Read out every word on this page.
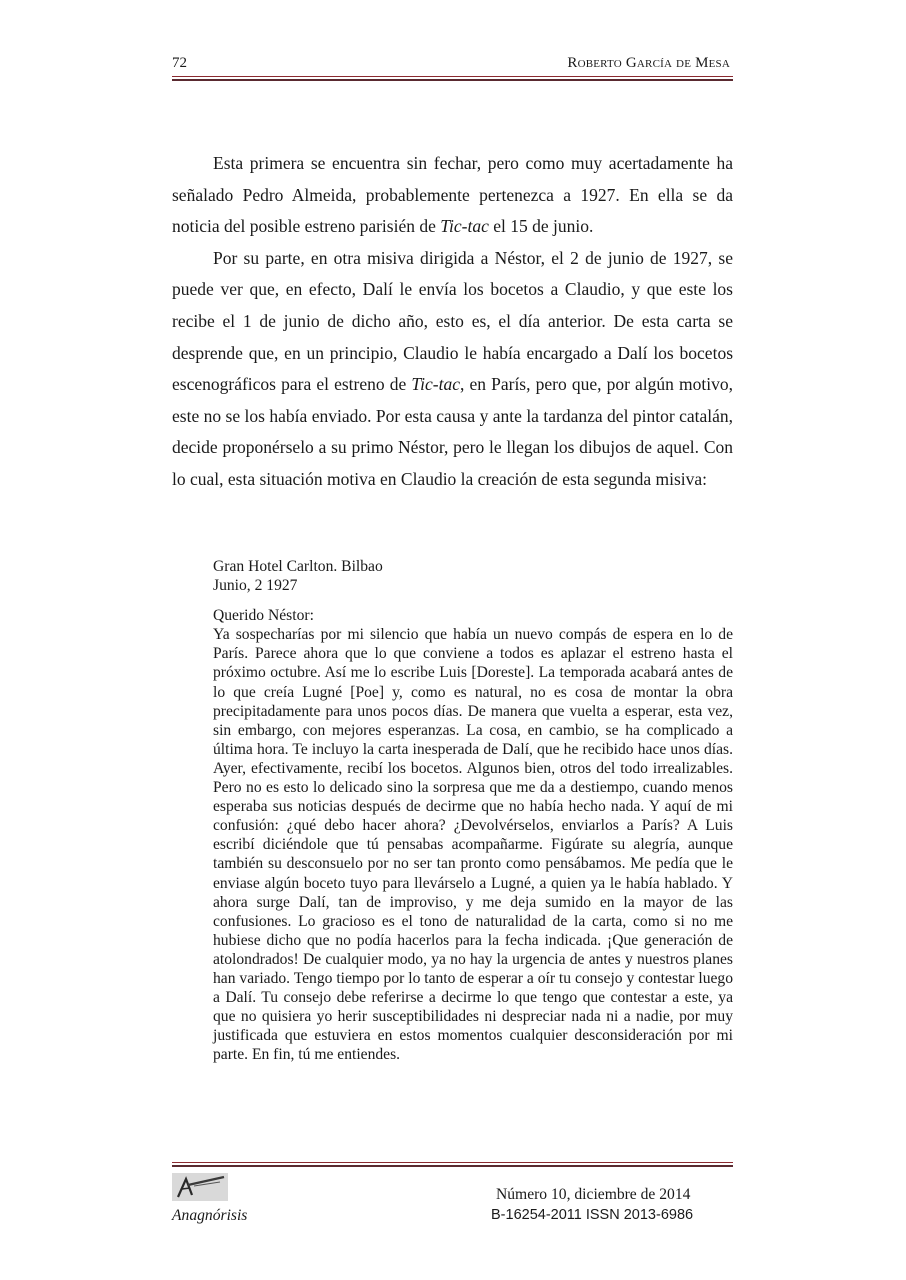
72	Roberto García de Mesa

Esta primera se encuentra sin fechar, pero como muy acertadamente ha señalado Pedro Almeida, probablemente pertenezca a 1927. En ella se da noticia del posible estreno parisién de Tic-tac el 15 de junio.

Por su parte, en otra misiva dirigida a Néstor, el 2 de junio de 1927, se puede ver que, en efecto, Dalí le envía los bocetos a Claudio, y que este los recibe el 1 de junio de dicho año, esto es, el día anterior. De esta carta se desprende que, en un principio, Claudio le había encargado a Dalí los bocetos escenográficos para el estreno de Tic-tac, en París, pero que, por algún motivo, este no se los había enviado. Por esta causa y ante la tardanza del pintor catalán, decide proponérselo a su primo Néstor, pero le llegan los dibujos de aquel. Con lo cual, esta situación motiva en Claudio la creación de esta segunda misiva:

Gran Hotel Carlton. Bilbao

Junio, 2 1927

Querido Néstor:

Ya sospecharías por mi silencio que había un nuevo compás de espera en lo de París. Parece ahora que lo que conviene a todos es aplazar el estreno hasta el próximo octubre. Así me lo escribe Luis [Doreste]. La temporada acabará antes de lo que creía Lugné [Poe] y, como es natural, no es cosa de montar la obra precipitadamente para unos pocos días. De manera que vuelta a esperar, esta vez, sin embargo, con mejores esperanzas. La cosa, en cambio, se ha complicado a última hora. Te incluyo la carta inesperada de Dalí, que he recibido hace unos días. Ayer, efectivamente, recibí los bocetos. Algunos bien, otros del todo irrealizables. Pero no es esto lo delicado sino la sorpresa que me da a destiempo, cuando menos esperaba sus noticias después de decirme que no había hecho nada. Y aquí de mi confusión: ¿qué debo hacer ahora? ¿Devolvérselos, enviarlos a París? A Luis escribí diciéndole que tú pensabas acompañarme. Figúrate su alegría, aunque también su desconsuelo por no ser tan pronto como pensábamos. Me pedía que le enviase algún boceto tuyo para llevárselo a Lugné, a quien ya le había hablado. Y ahora surge Dalí, tan de improviso, y me deja sumido en la mayor de las confusiones. Lo gracioso es el tono de naturalidad de la carta, como si no me hubiese dicho que no podía hacerlos para la fecha indicada. ¡Que generación de atolondrados! De cualquier modo, ya no hay la urgencia de antes y nuestros planes han variado. Tengo tiempo por lo tanto de esperar a oír tu consejo y contestar luego a Dalí. Tu consejo debe referirse a decirme lo que tengo que contestar a este, ya que no quisiera yo herir susceptibilidades ni despreciar nada ni a nadie, por muy justificada que estuviera en estos momentos cualquier desconsideración por mi parte. En fin, tú me entiendes.

Anagnórisis
Número 10, diciembre de 2014
B-16254-2011 ISSN 2013-6986
